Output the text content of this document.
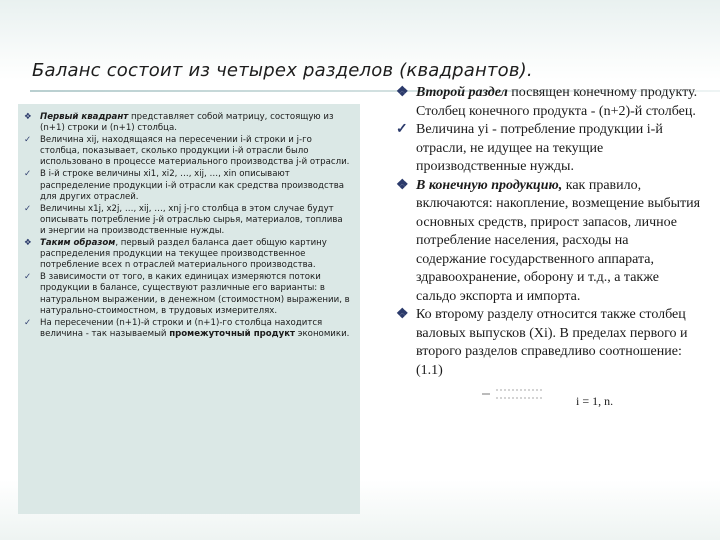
Баланс состоит из четырех разделов (квадрантов).
❖ Первый квадрант представляет собой матрицу, состоящую из (n+1) строки и (n+1) столбца.
✓ Величина xij, находящаяся на пересечении i-й строки и j-го столбца, показывает, сколько продукции i-й отрасли было использовано в процессе материального производства j-й отрасли.
✓ В i-й строке величины xi1, xi2, …, xij, …, xin описывают распределение продукции i-й отрасли как средства производства для других отраслей.
✓ Величины x1j, x2j, …, xij, …, xnj j-го столбца в этом случае будут описывать потребление j-й отраслью сырья, материалов, топлива и энергии на производственные нужды.
❖ Таким образом, первый раздел баланса дает общую картину распределения продукции на текущее производственное потребление всех n отраслей материального производства.
✓ В зависимости от того, в каких единицах измеряются потоки продукции в балансе, существуют различные его варианты: в натуральном выражении, в денежном (стоимостном) выражении, в натурально-стоимостном, в трудовых измерителях.
✓ На пересечении (n+1)-й строки и (n+1)-го столбца находится величина - так называемый промежуточный продукт экономики.
❖ Второй раздел посвящен конечному продукту. Столбец конечного продукта - (n+2)-й столбец.
✓ Величина yi - потребление продукции i-й отрасли, не идущее на текущие производственные нужды.
❖ В конечную продукцию, как правило, включаются: накопление, возмещение выбытия основных средств, прирост запасов, личное потребление населения, расходы на содержание государственного аппарата, здравоохранение, оборону и т.д., а также сальдо экспорта и импорта.
❖ Ко второму разделу относится также столбец валовых выпусков (Xi). В пределах первого и второго разделов справедливо соотношение: (1.1)
i = 1, n.
